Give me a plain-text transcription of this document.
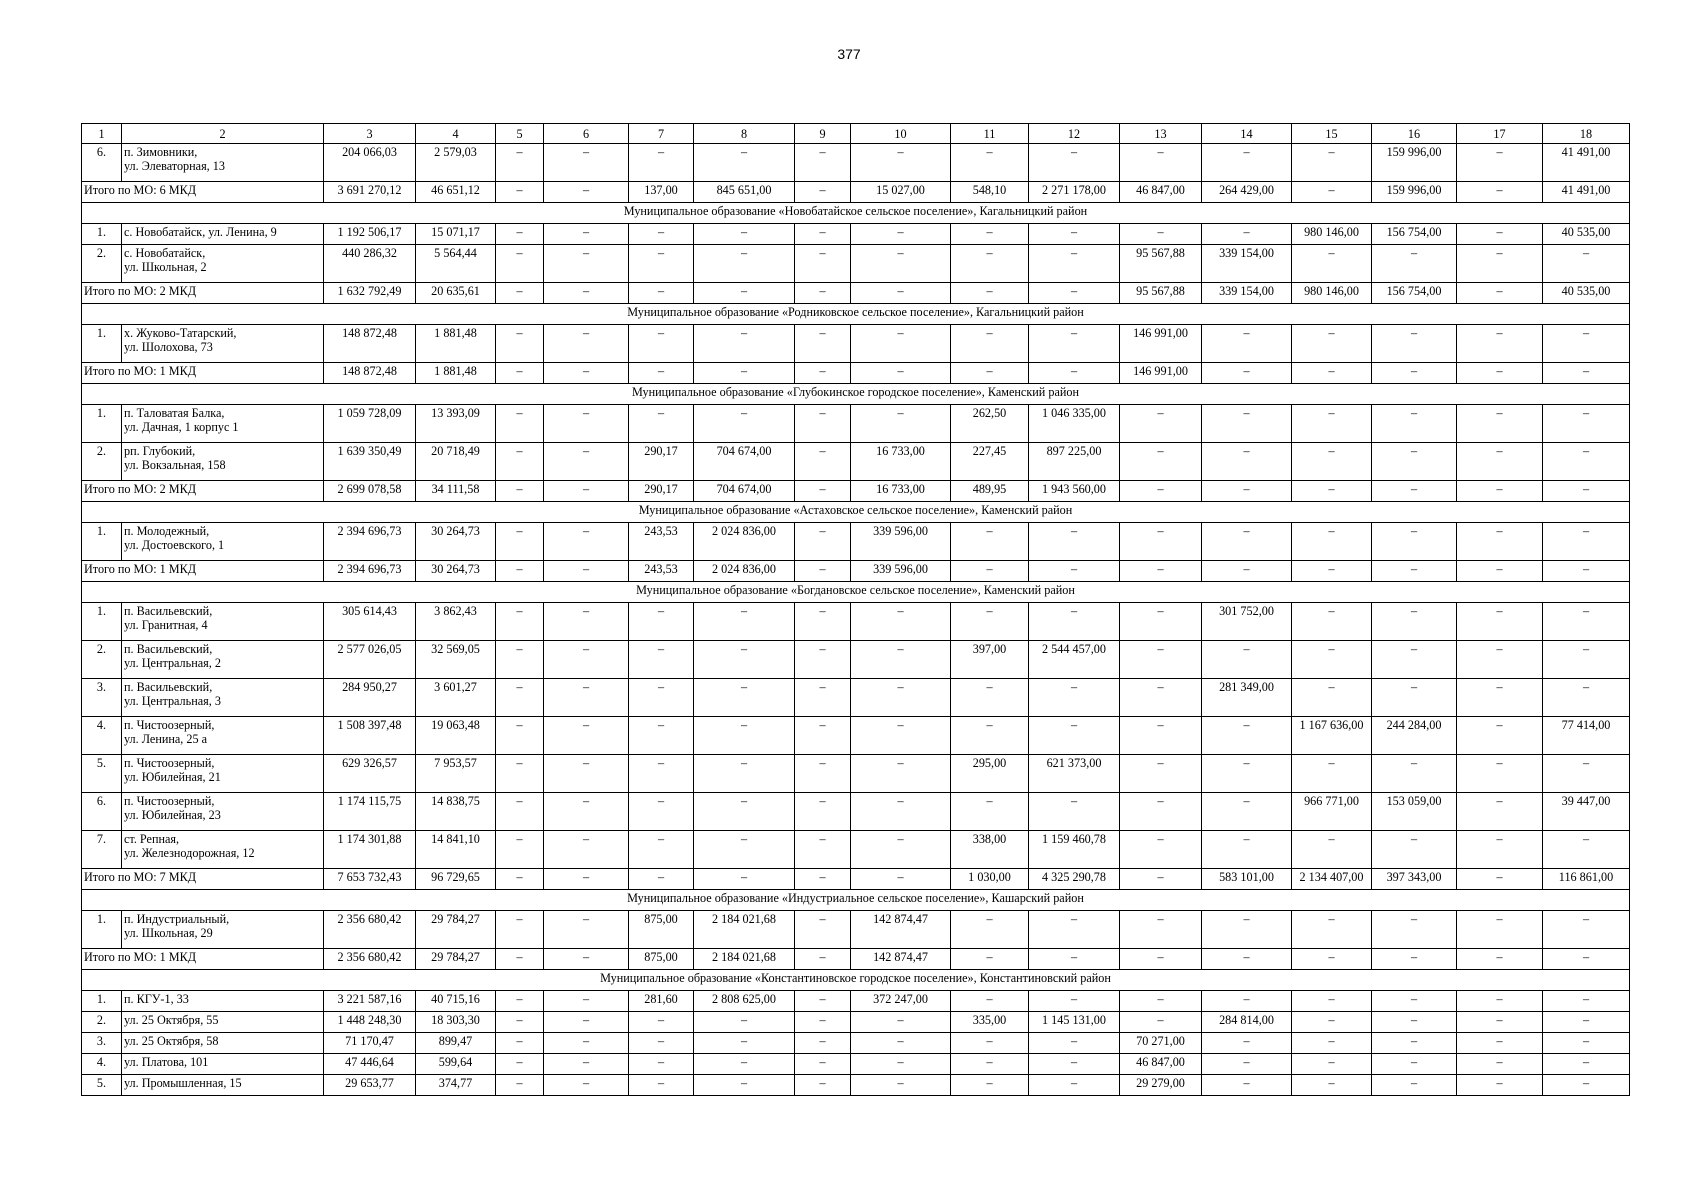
377
1	2	3	4	5	6	7	8	9	10	11	12	13	14	15	16	17	18
6.	п. Зимовники,
ул. Элеваторная, 13	204 066,03	2 579,03	–	–	–	–	–	–	–	–	–	–	–	159 996,00	–	41 491,00
Итого по МО: 6 МКД		3 691 270,12	46 651,12	–	–	137,00	845 651,00	–	15 027,00	548,10	2 271 178,00	46 847,00	264 429,00	–	159 996,00	–	41 491,00
Муниципальное образование «Новобатайское сельское поселение», Кагальницкий район																	
1.	с. Новобатайск, ул. Ленина, 9	1 192 506,17	15 071,17	–	–	–	–	–	–	–	–	–	–	980 146,00	156 754,00	–	40 535,00
2.	с. Новобатайск,
ул. Школьная, 2	440 286,32	5 564,44	–	–	–	–	–	–	–	–	95 567,88	339 154,00	–	–	–	–
Итого по МО: 2 МКД		1 632 792,49	20 635,61	–	–	–	–	–	–	–	–	95 567,88	339 154,00	980 146,00	156 754,00	–	40 535,00
Муниципальное образование «Родниковское сельское поселение», Кагальницкий район																	
1.	х. Жуково-Татарский,
ул. Шолохова, 73	148 872,48	1 881,48	–	–	–	–	–	–	–	–	146 991,00	–	–	–	–	–
Итого по МО: 1 МКД		148 872,48	1 881,48	–	–	–	–	–	–	–	–	146 991,00	–	–	–	–	–
Муниципальное образование «Глубокинское городское поселение», Каменский район																	
1.	п. Таловатая Балка,
ул. Дачная, 1 корпус 1	1 059 728,09	13 393,09	–	–	–	–	–	–	262,50	1 046 335,00	–	–	–	–	–	–
2.	рп. Глубокий,
ул. Вокзальная, 158	1 639 350,49	20 718,49	–	–	290,17	704 674,00	–	16 733,00	227,45	897 225,00	–	–	–	–	–	–
Итого по МО: 2 МКД		2 699 078,58	34 111,58	–	–	290,17	704 674,00	–	16 733,00	489,95	1 943 560,00	–	–	–	–	–	–
Муниципальное образование «Астаховское сельское поселение», Каменский район																	
1.	п. Молодежный,
ул. Достоевского, 1	2 394 696,73	30 264,73	–	–	243,53	2 024 836,00	–	339 596,00	–	–	–	–	–	–	–	–
Итого по МО: 1 МКД		2 394 696,73	30 264,73	–	–	243,53	2 024 836,00	–	339 596,00	–	–	–	–	–	–	–	–
Муниципальное образование «Богдановское сельское поселение», Каменский район																	
1.	п. Васильевский,
ул. Гранитная, 4	305 614,43	3 862,43	–	–	–	–	–	–	–	–	–	301 752,00	–	–	–	–
2.	п. Васильевский,
ул. Центральная, 2	2 577 026,05	32 569,05	–	–	–	–	–	–	397,00	2 544 457,00	–	–	–	–	–	–
3.	п. Васильевский,
ул. Центральная, 3	284 950,27	3 601,27	–	–	–	–	–	–	–	–	–	281 349,00	–	–	–	–
4.	п. Чистоозерный,
ул. Ленина, 25 а	1 508 397,48	19 063,48	–	–	–	–	–	–	–	–	–	–	1 167 636,00	244 284,00	–	77 414,00
5.	п. Чистоозерный,
ул. Юбилейная, 21	629 326,57	7 953,57	–	–	–	–	–	–	295,00	621 373,00	–	–	–	–	–	–
6.	п. Чистоозерный,
ул. Юбилейная, 23	1 174 115,75	14 838,75	–	–	–	–	–	–	–	–	–	–	966 771,00	153 059,00	–	39 447,00
7.	ст. Репная,
ул. Железнодорожная, 12	1 174 301,88	14 841,10	–	–	–	–	–	–	338,00	1 159 460,78	–	–	–	–	–	–
Итого по МО: 7 МКД		7 653 732,43	96 729,65	–	–	–	–	–	–	1 030,00	4 325 290,78	–	583 101,00	2 134 407,00	397 343,00	–	116 861,00
Муниципальное образование «Индустриальное сельское поселение», Кашарский район																	
1.	п. Индустриальный,
ул. Школьная, 29	2 356 680,42	29 784,27	–	–	875,00	2 184 021,68	–	142 874,47	–	–	–	–	–	–	–	–
Итого по МО: 1 МКД		2 356 680,42	29 784,27	–	–	875,00	2 184 021,68	–	142 874,47	–	–	–	–	–	–	–	–
Муниципальное образование «Константиновское городское поселение», Константиновский район																	
1.	п. КГУ-1, 33	3 221 587,16	40 715,16	–	–	281,60	2 808 625,00	–	372 247,00	–	–	–	–	–	–	–	–
2.	ул. 25 Октября, 55	1 448 248,30	18 303,30	–	–	–	–	–	–	335,00	1 145 131,00	–	284 814,00	–	–	–	–
3.	ул. 25 Октября, 58	71 170,47	899,47	–	–	–	–	–	–	–	–	70 271,00	–	–	–	–	–
4.	ул. Платова, 101	47 446,64	599,64	–	–	–	–	–	–	–	–	46 847,00	–	–	–	–	–
5.	ул. Промышленная, 15	29 653,77	374,77	–	–	–	–	–	–	–	–	29 279,00	–	–	–	–	–
